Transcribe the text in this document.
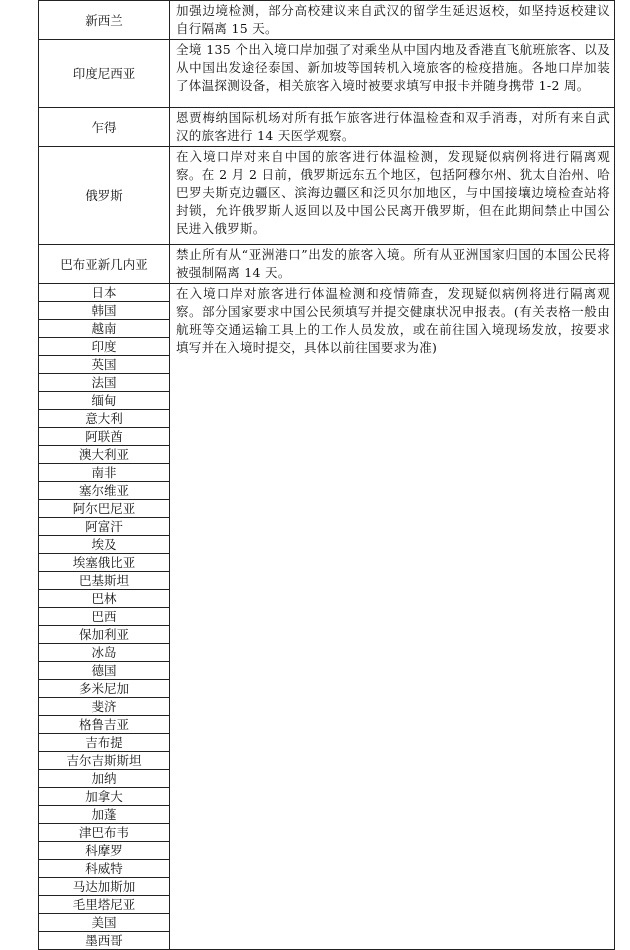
新西兰	加强边境检测，部分高校建议来自武汉的留学生延迟返校，如坚持返校建议自行隔离 15 天。
印度尼西亚	全境 135 个出入境口岸加强了对乘坐从中国内地及香港直飞航班旅客、以及从中国出发途径泰国、新加坡等国转机入境旅客的检疫措施。各地口岸加装了体温探测设备，相关旅客入境时被要求填写申报卡并随身携带 1-2 周。
乍得	恩贾梅纳国际机场对所有抵乍旅客进行体温检查和双手消毒，对所有来自武汉的旅客进行 14 天医学观察。
俄罗斯	在入境口岸对来自中国的旅客进行体温检测，发现疑似病例将进行隔离观察。在 2 月 2 日前，俄罗斯远东五个地区，包括阿穆尔州、犹太自治州、哈巴罗夫斯克边疆区、滨海边疆区和泛贝尔加地区，与中国接壤边境检查站将封锁，允许俄罗斯人返回以及中国公民离开俄罗斯，但在此期间禁止中国公民进入俄罗斯。
巴布亚新几内亚	禁止所有从“亚洲港口”出发的旅客入境。所有从亚洲国家归国的本国公民将被强制隔离 14 天。
日本	在入境口岸对旅客进行体温检测和疫情筛查，发现疑似病例将进行隔离观察。部分国家要求中国公民须填写并提交健康状况申报表。(有关表格一般由航班等交通运输工具上的工作人员发放，或在前往国入境现场发放，按要求填写并在入境时提交，具体以前往国要求为准)
韩国	
越南	
印度	
英国	
法国	
缅甸	
意大利	
阿联酋	
澳大利亚	
南非	
塞尔维亚	
阿尔巴尼亚	
阿富汗	
埃及	
埃塞俄比亚	
巴基斯坦	
巴林	
巴西	
保加利亚	
冰岛	
德国	
多米尼加	
斐济	
格鲁吉亚	
吉布提	
吉尔吉斯斯坦	
加纳	
加拿大	
加蓬	
津巴布韦	
科摩罗	
科威特	
马达加斯加	
毛里塔尼亚	
美国	
墨西哥	
